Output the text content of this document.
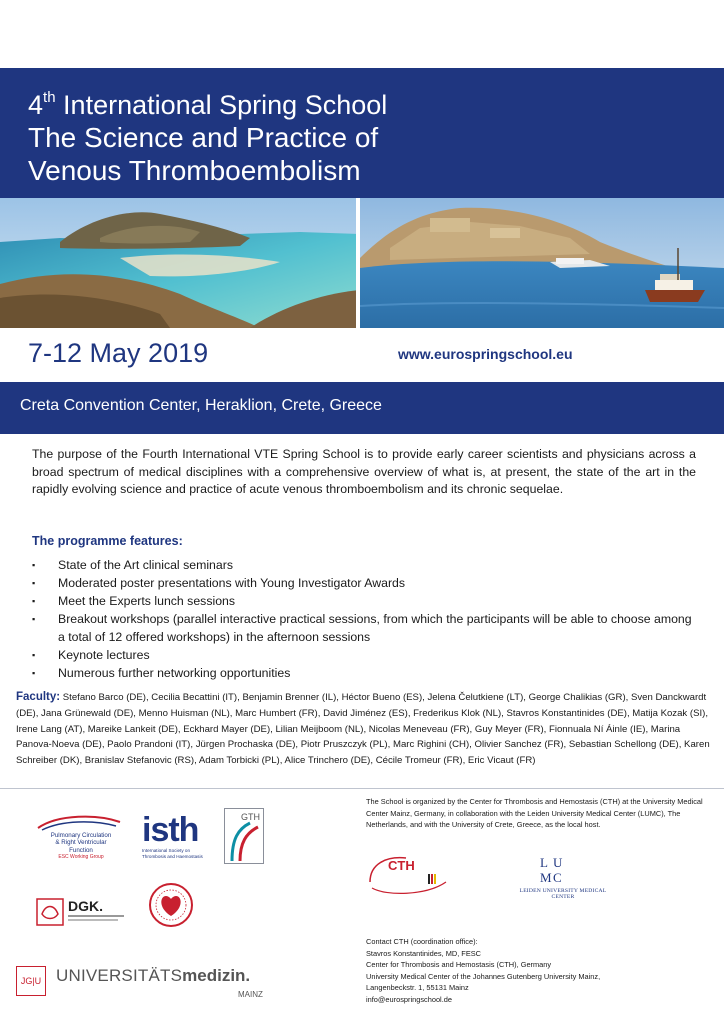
4th International Spring School
The Science and Practice of
Venous Thromboembolism
7-12 May 2019	www.eurospringschool.eu
Creta Convention Center, Heraklion, Crete, Greece

The purpose of the Fourth International VTE Spring School is to provide early career scientists and physicians across a broad spectrum of medical disciplines with a comprehensive overview of what is, at present, the state of the art in the rapidly evolving science and practice of acute venous thromboembolism and its chronic sequelae.

The programme features:
▪ State of the Art clinical seminars
▪ Moderated poster presentations with Young Investigator Awards
▪ Meet the Experts lunch sessions
▪ Breakout workshops (parallel interactive practical sessions, from which the participants will be able to choose among a total of 12 offered workshops) in the afternoon sessions
▪ Keynote lectures
▪ Numerous further networking opportunities

Faculty: Stefano Barco (DE), Cecilia Becattini (IT), Benjamin Brenner (IL), Héctor Bueno (ES), Jelena Čelutkiene (LT), George Chalikias (GR), Sven Danckwardt (DE), Jana Grünewald (DE), Menno Huisman (NL), Marc Humbert (FR), David Jiménez (ES), Frederikus Klok (NL), Stavros Konstantinides (DE), Matija Kozak (SI), Irene Lang (AT), Mareike Lankeit (DE), Eckhard Mayer (DE), Lilian Meijboom (NL), Nicolas Meneveau (FR), Guy Meyer (FR), Fionnuala Ní Áinle (IE), Marina Panova-Noeva (DE), Paolo Prandoni (IT), Jürgen Prochaska (DE), Piotr Pruszczyk (PL), Marc Righini (CH), Olivier Sanchez (FR), Sebastian Schellong (DE), Karen Schreiber (DK), Branislav Stefanovic (RS), Adam Torbicki (PL), Alice Trinchero (DE), Cécile Tromeur (FR), Eric Vicaut (FR)

Pulmonary Circulation
& Right Ventricular
Function
ESC Working Group
isth
International Society on
Thrombosis and Haemostasis
GTH
DGK.
JG|U UNIVERSITÄTSmedizin.
MAINZ

The School is organized by the Center for Thrombosis and Hemostasis (CTH) at the University Medical Center Mainz, Germany, in collaboration with the Leiden University Medical Center (LUMC), The Netherlands, and with the University of Crete, Greece, as the local host.

CTH	L U
M C
LEIDEN UNIVERSITY MEDICAL CENTER
Contact CTH (coordination office):
Stavros Konstantinides, MD, FESC
Center for Thrombosis and Hemostasis (CTH), Germany
University Medical Center of the Johannes Gutenberg University Mainz,
Langenbeckstr. 1, 55131 Mainz
info@eurospringschool.de
